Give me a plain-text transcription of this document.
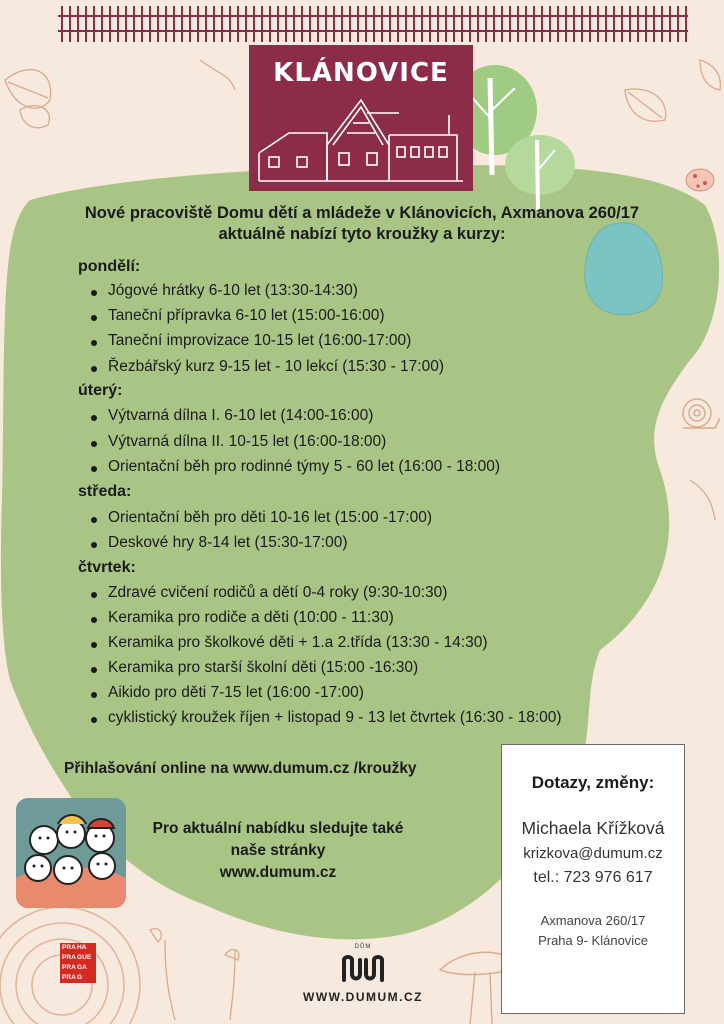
KLÁNOVICE
Nové pracoviště Domu dětí a mládeže v Klánovicích, Axmanova 260/17
aktuálně nabízí tyto kroužky a kurzy:
pondělí:
Jógové hrátky 6-10 let (13:30-14:30)
Taneční přípravka 6-10 let (15:00-16:00)
Taneční improvizace 10-15 let (16:00-17:00)
Řezbářský kurz 9-15 let - 10 lekcí (15:30 - 17:00)
úterý:
Výtvarná dílna I. 6-10 let (14:00-16:00)
Výtvarná dílna II. 10-15 let (16:00-18:00)
Orientační běh pro rodinné týmy 5 - 60 let (16:00 - 18:00)
středa:
Orientační běh pro děti 10-16 let (15:00 -17:00)
Deskové hry 8-14 let (15:30-17:00)
čtvrtek:
Zdravé cvičení rodičů a dětí 0-4 roky (9:30-10:30)
Keramika pro rodiče a děti (10:00 - 11:30)
Keramika pro školkové děti + 1.a 2.třída (13:30 - 14:30)
Keramika pro starší školní děti (15:00 -16:30)
Aikido pro děti 7-15 let (16:00 -17:00)
cyklistický kroužek říjen + listopad 9 - 13 let čtvrtek (16:30 - 18:00)
Přihlašování online na www.dumum.cz /kroužky
Pro aktuální nabídku sledujte také
naše stránky
www.dumum.cz
Dotazy, změny:
Michaela Křížková
krizkova@dumum.cz
tel.: 723 976 617
Axmanova 260/17
Praha 9- Klánovice
PRAHA
PRAGUE
PRAGA
PRAG
DŮM
WWW.DUMUM.CZ
